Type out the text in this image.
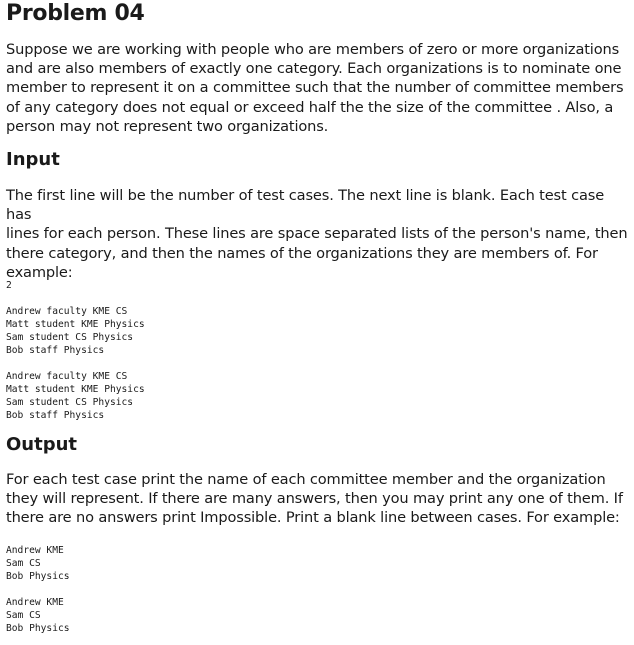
Problem 04

Suppose we are working with people who are members of zero or more organizations
and are also members of exactly one category. Each organizations is to nominate one
member to represent it on a committee such that the number of committee members
of any category does not equal or exceed half the the size of the committee . Also, a
person may not represent two organizations.

Input

The first line will be the number of test cases. The next line is blank. Each test case has
lines for each person. These lines are space separated lists of the person's name, then
there category, and then the names of the organizations they are members of. For
example:

2
Andrew faculty KME CS
Matt student KME Physics
Sam student CS Physics
Bob staff Physics
Andrew faculty KME CS
Matt student KME Physics
Sam student CS Physics
Bob staff Physics
Output

For each test case print the name of each committee member and the organization
they will represent. If there are many answers, then you may print any one of them. If
there are no answers print Impossible. Print a blank line between cases. For example:

Andrew KME
Sam CS
Bob Physics
Andrew KME
Sam CS
Bob Physics
